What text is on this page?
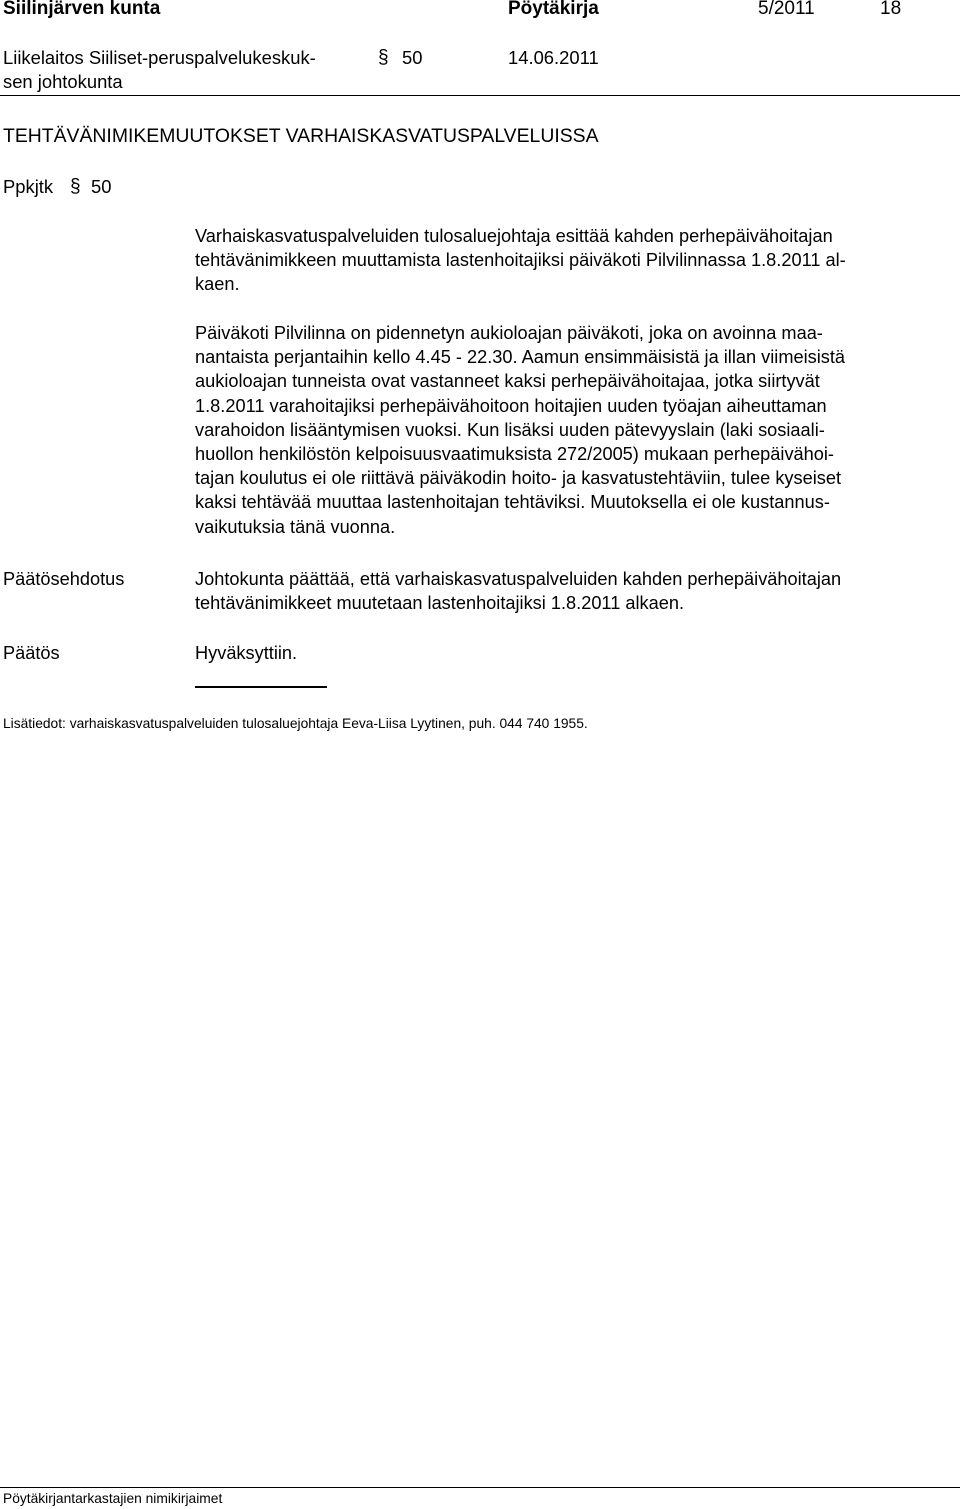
Siilinjärven kunta	Pöytäkirja	5/2011	18
Liikelaitos Siiliset-peruspalvelukeskuk-
sen johtokunta
§ 50	14.06.2011
TEHTÄVÄNIMIKEMUUTOKSET VARHAISKASVATUSPALVELUISSA
Ppkjtk § 50
Varhaiskasvatuspalveluiden tulosaluejohtaja esittää kahden perhepäivähoitajan
tehtävänimikkeen muuttamista lastenhoitajiksi päiväkoti Pilvilinnassa 1.8.2011 al-
kaen.
Päiväkoti Pilvilinna on pidennetyn aukioloajan päiväkoti, joka on avoinna maa-
nantaista perjantaihin kello 4.45 - 22.30. Aamun ensimmäisistä ja illan viimeisistä
aukioloajan tunneista ovat vastanneet kaksi perhepäivähoitajaa, jotka siirtyvät
1.8.2011 varahoitajiksi perhepäivähoitoon hoitajien uuden työajan aiheuttaman
varahoidon lisääntymisen vuoksi. Kun lisäksi uuden pätevyyslain (laki sosiaali-
huollon henkilöstön kelpoisuusvaatimuksista 272/2005) mukaan perhepäivähoi-
tajan koulutus ei ole riittävä päiväkodin hoito- ja kasvatustehtäviin, tulee kyseiset
kaksi tehtävää muuttaa lastenhoitajan tehtäviksi. Muutoksella ei ole kustannus-
vaikutuksia tänä vuonna.
Päätösehdotus	Johtokunta päättää, että varhaiskasvatuspalveluiden kahden perhepäivähoitajan
tehtävänimikkeet muutetaan lastenhoitajiksi 1.8.2011 alkaen.
Päätös	Hyväksyttiin.
Lisätiedot: varhaiskasvatuspalveluiden tulosaluejohtaja Eeva-Liisa Lyytinen, puh. 044 740 1955.
Pöytäkirjantarkastajien nimikirjaimet
